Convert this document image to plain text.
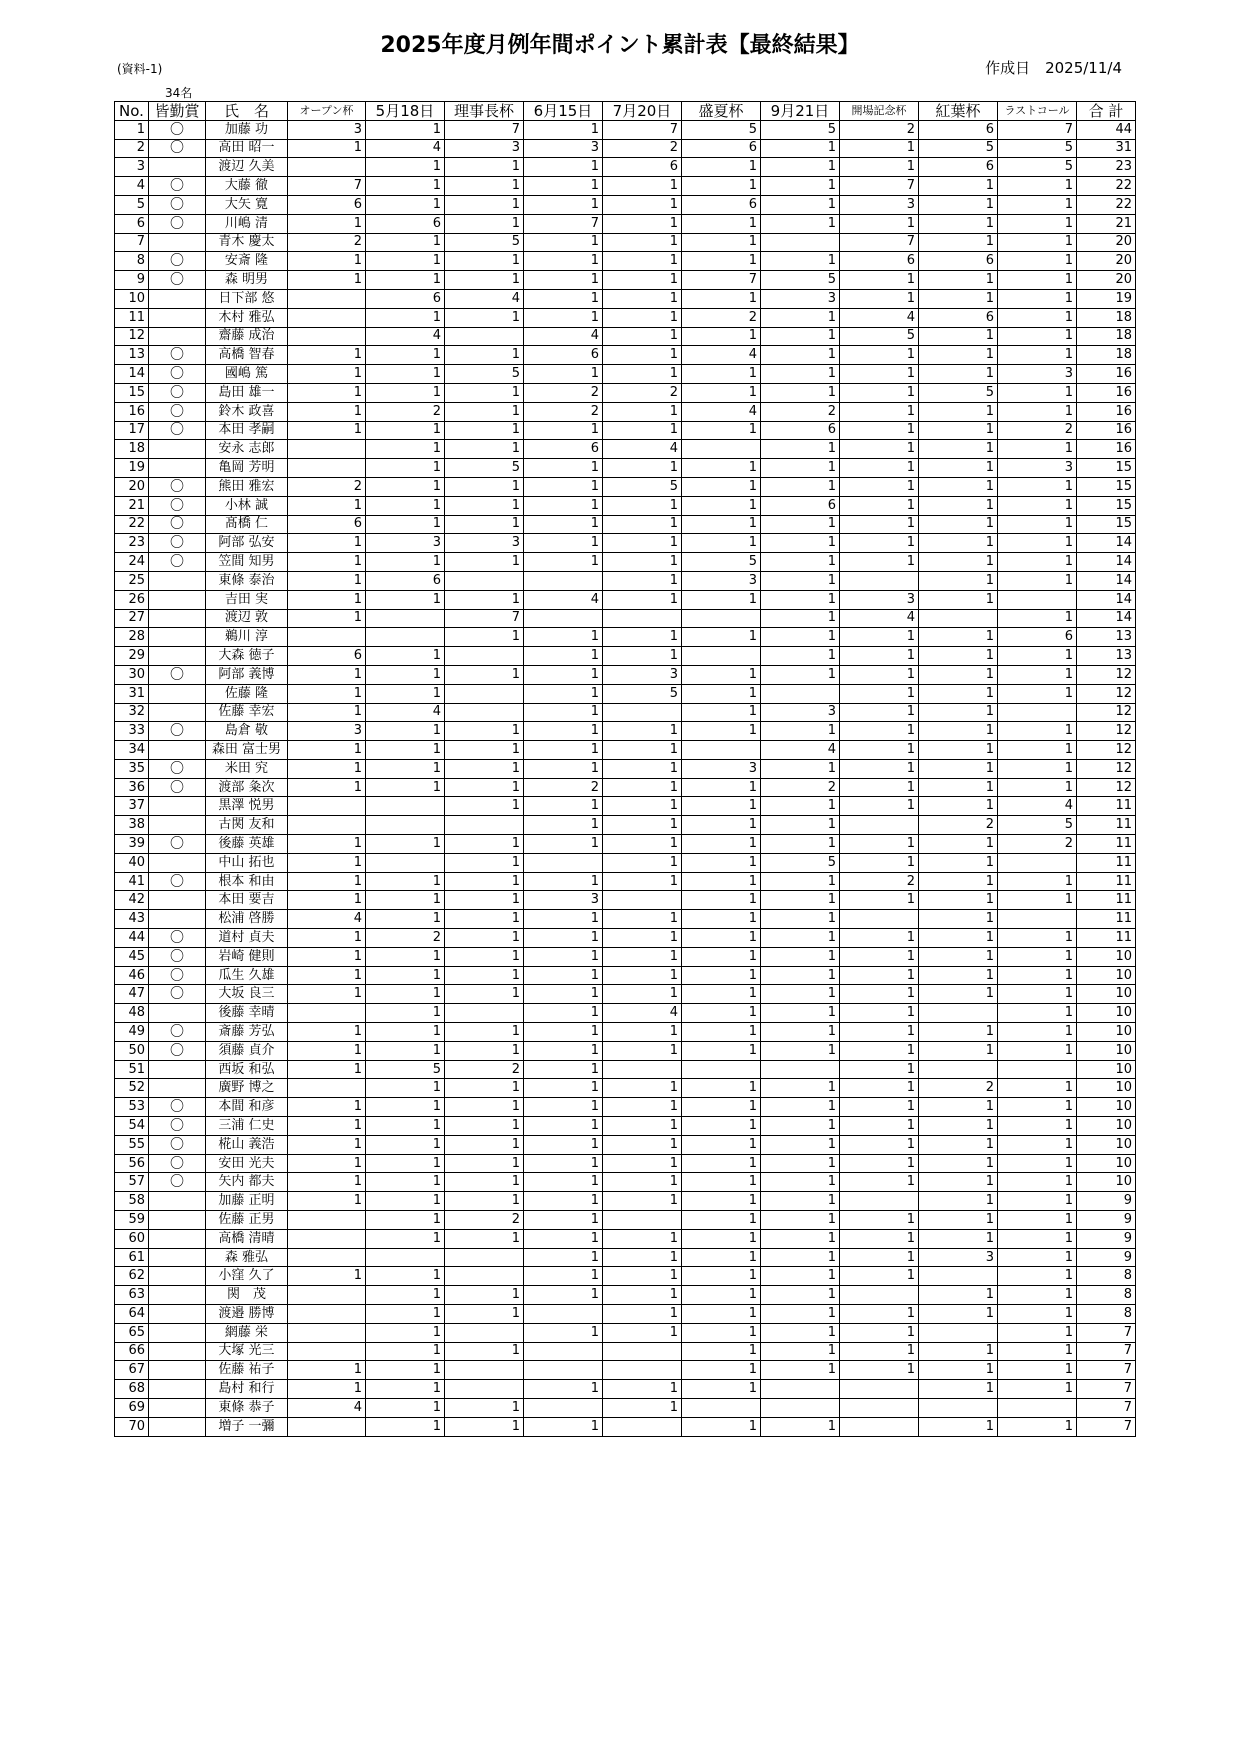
2025年度月例年間ポイント累計表【最終結果】
(資料-1)	作成日　2025/11/4
34名
No.	皆勤賞	氏　名	オープン杯	5月18日	理事長杯	6月15日	7月20日	盛夏杯	9月21日	開場記念杯	紅葉杯	ラストコール	合 計
1	〇	加藤 功	3	1	7	1	7	5	5	2	6	7	44
2	〇	高田 昭一	1	4	3	3	2	6	1	1	5	5	31
3		渡辺 久美		1	1	1	6	1	1	1	6	5	23
4	〇	大藤 徹	7	1	1	1	1	1	1	7	1	1	22
5	〇	大矢 寛	6	1	1	1	1	6	1	3	1	1	22
6	〇	川嶋 清	1	6	1	7	1	1	1	1	1	1	21
7		青木 慶太	2	1	5	1	1	1		7	1	1	20
8	〇	安斎 隆	1	1	1	1	1	1	1	6	6	1	20
9	〇	森 明男	1	1	1	1	1	7	5	1	1	1	20
10		日下部 悠		6	4	1	1	1	3	1	1	1	19
11		木村 雅弘		1	1	1	1	2	1	4	6	1	18
12		齋藤 成治		4		4	1	1	1	5	1	1	18
13	〇	高橋 智春	1	1	1	6	1	4	1	1	1	1	18
14	〇	國嶋 篤	1	1	5	1	1	1	1	1	1	3	16
15	〇	島田 雄一	1	1	1	2	2	1	1	1	5	1	16
16	〇	鈴木 政喜	1	2	1	2	1	4	2	1	1	1	16
17	〇	本田 孝嗣	1	1	1	1	1	1	6	1	1	2	16
18		安永 志郎		1	1	6	4		1	1	1	1	16
19		亀岡 芳明		1	5	1	1	1	1	1	1	3	15
20	〇	熊田 雅宏	2	1	1	1	5	1	1	1	1	1	15
21	〇	小林 誠	1	1	1	1	1	1	6	1	1	1	15
22	〇	髙橋 仁	6	1	1	1	1	1	1	1	1	1	15
23	〇	阿部 弘安	1	3	3	1	1	1	1	1	1	1	14
24	〇	笠間 知男	1	1	1	1	1	5	1	1	1	1	14
25		東條 泰治	1	6			1	3	1		1	1	14
26		吉田 実	1	1	1	4	1	1	1	3	1		14
27		渡辺 敦	1		7				1	4		1	14
28		鵜川 淳			1	1	1	1	1	1	1	6	13
29		大森 徳子	6	1		1	1		1	1	1	1	13
30	〇	阿部 義博	1	1	1	1	3	1	1	1	1	1	12
31		佐藤 隆	1	1		1	5	1		1	1	1	12
32		佐藤 幸宏	1	4		1		1	3	1	1		12
33	〇	島倉 敬	3	1	1	1	1	1	1	1	1	1	12
34		森田 富士男	1	1	1	1	1		4	1	1	1	12
35	〇	米田 究	1	1	1	1	1	3	1	1	1	1	12
36	〇	渡部 粂次	1	1	1	2	1	1	2	1	1	1	12
37		黒澤 悦男			1	1	1	1	1	1	1	4	11
38		古関 友和				1	1	1	1		2	5	11
39	〇	後藤 英雄	1	1	1	1	1	1	1	1	1	2	11
40		中山 拓也	1		1		1	1	5	1	1		11
41	〇	根本 和由	1	1	1	1	1	1	1	2	1	1	11
42		本田 要吉	1	1	1	3		1	1	1	1	1	11
43		松浦 啓勝	4	1	1	1	1	1	1		1		11
44	〇	道村 貞夫	1	2	1	1	1	1	1	1	1	1	11
45	〇	岩崎 健則	1	1	1	1	1	1	1	1	1	1	10
46	〇	瓜生 久雄	1	1	1	1	1	1	1	1	1	1	10
47	〇	大坂 良三	1	1	1	1	1	1	1	1	1	1	10
48		後藤 幸晴		1		1	4	1	1	1		1	10
49	〇	斎藤 芳弘	1	1	1	1	1	1	1	1	1	1	10
50	〇	須藤 貞介	1	1	1	1	1	1	1	1	1	1	10
51		西坂 和弘	1	5	2	1				1			10
52		廣野 博之		1	1	1	1	1	1	1	2	1	10
53	〇	本間 和彦	1	1	1	1	1	1	1	1	1	1	10
54	〇	三浦 仁史	1	1	1	1	1	1	1	1	1	1	10
55	〇	椛山 義浩	1	1	1	1	1	1	1	1	1	1	10
56	〇	安田 光夫	1	1	1	1	1	1	1	1	1	1	10
57	〇	矢内 都夫	1	1	1	1	1	1	1	1	1	1	10
58		加藤 正明	1	1	1	1	1	1	1		1	1	9
59		佐藤 正男		1	2	1		1	1	1	1	1	9
60		高橋 清晴		1	1	1	1	1	1	1	1	1	9
61		森 雅弘				1	1	1	1	1	3	1	9
62		小窪 久了	1	1		1	1	1	1	1		1	8
63		関　茂		1	1	1	1	1	1		1	1	8
64		渡邉 勝博		1	1		1	1	1	1	1	1	8
65		網藤 栄		1		1	1	1	1	1		1	7
66		大塚 光三		1	1			1	1	1	1	1	7
67		佐藤 祐子	1	1				1	1	1	1	1	7
68		島村 和行	1	1		1	1	1			1	1	7
69		東條 恭子	4	1	1		1						7
70		増子 一彌		1	1	1		1	1		1	1	7
